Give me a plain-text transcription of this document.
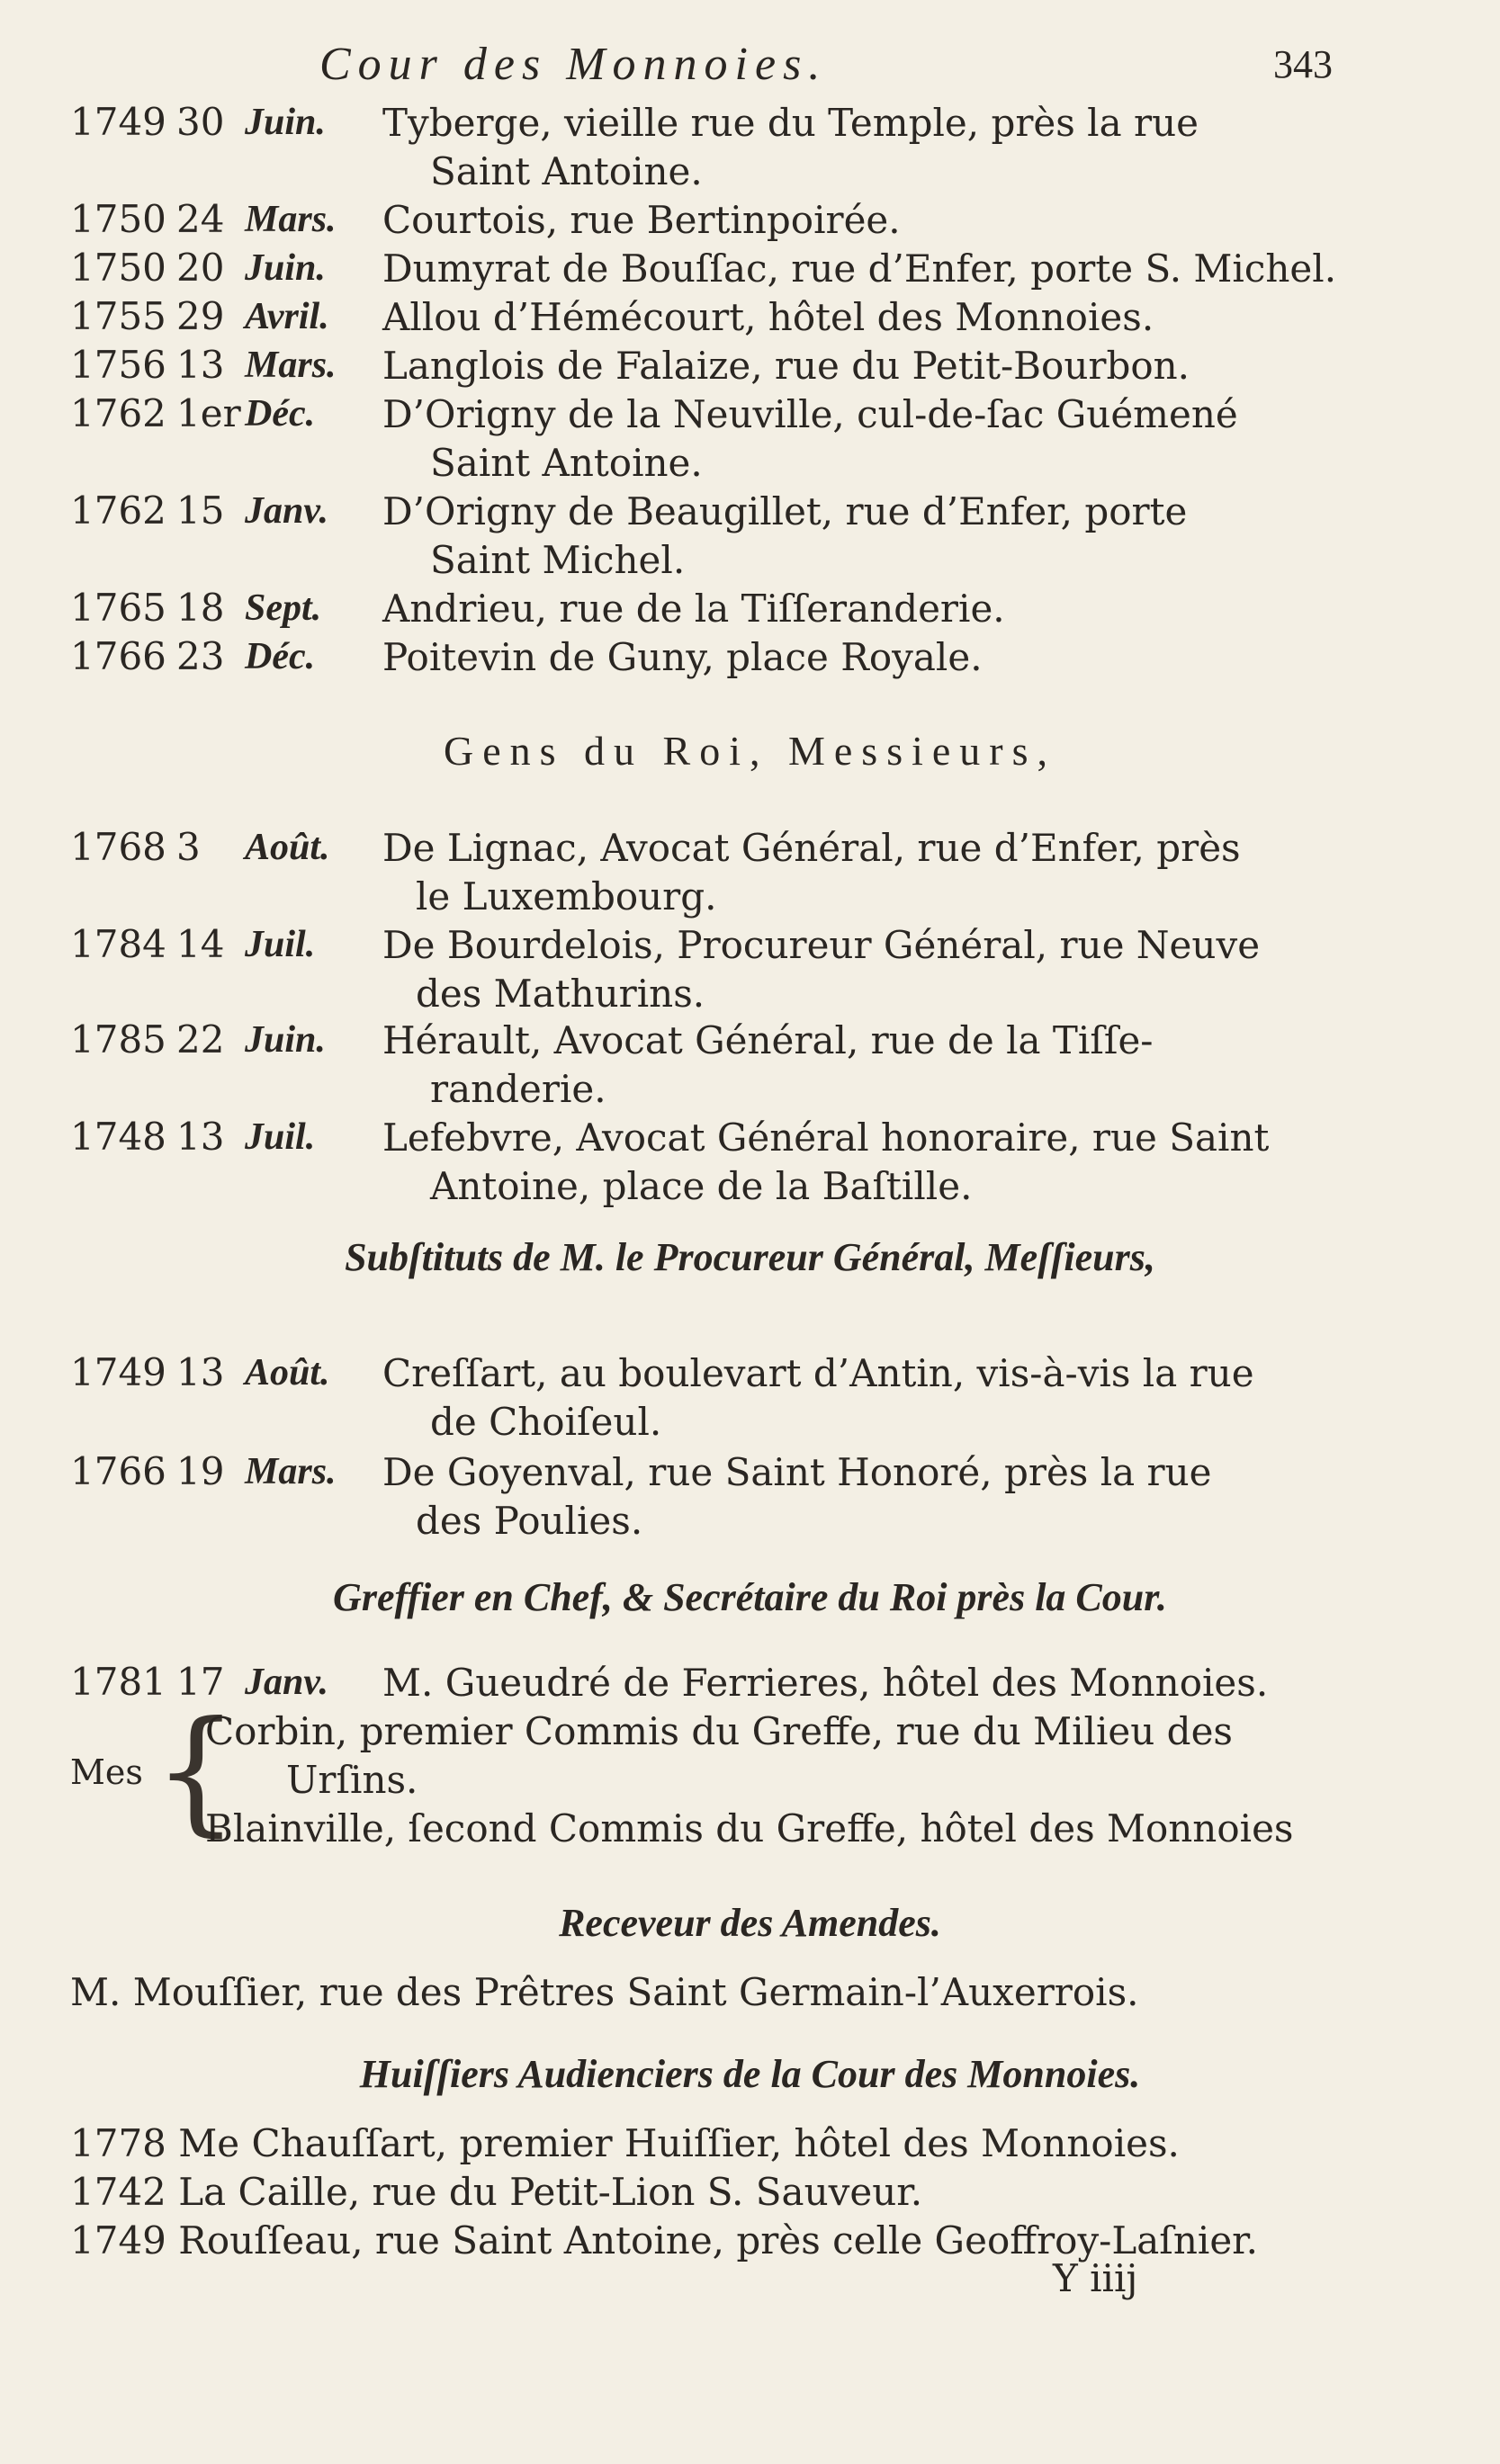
Cour des Monnoies.	343
1749 30 Juin. Tyberge, vieille rue du Temple, près la rue
Saint Antoine.
1750 24 Mars. Courtois, rue Bertinpoirée.
1750 20 Juin. Dumyrat de Bouſſac, rue d’Enfer, porte S. Michel.
1755 29 Avril. Allou d’Hémécourt, hôtel des Monnoies.
1756 13 Mars. Langlois de Falaize, rue du Petit-Bourbon.
1762 1er Déc. D’Origny de la Neuville, cul-de-ſac Guémené
Saint Antoine.
1762 15 Janv. D’Origny de Beaugillet, rue d’Enfer, porte
Saint Michel.
1765 18 Sept. Andrieu, rue de la Tiſſeranderie.
1766 23 Déc. Poitevin de Guny, place Royale.
Gens du Roi, Messieurs,
1768 3 Août. De Lignac, Avocat Général, rue d’Enfer, près
le Luxembourg.
1784 14 Juil. De Bourdelois, Procureur Général, rue Neuve
des Mathurins.
1785 22 Juin. Hérault, Avocat Général, rue de la Tiſſe-
randerie.
1748 13 Juil. Lefebvre, Avocat Général honoraire, rue Saint
Antoine, place de la Baſtille.
Subſtituts de M. le Procureur Général, Meſſieurs,
1749 13 Août. Creſſart, au boulevart d’Antin, vis-à-vis la rue
de Choiſeul.
1766 19 Mars. De Goyenval, rue Saint Honoré, près la rue
des Poulies.
Greffier en Chef, & Secrétaire du Roi près la Cour.
1781 17 Janv. M. Gueudré de Ferrieres, hôtel des Monnoies.
Mes {
Corbin, premier Commis du Greffe, rue du Milieu des
Urſins.
Blainville, ſecond Commis du Greffe, hôtel des Monnoies
Receveur des Amendes.
M. Mouſſier, rue des Prêtres Saint Germain-l’Auxerrois.
Huiſſiers Audienciers de la Cour des Monnoies.
1778 Me Chauſſart, premier Huiſſier, hôtel des Monnoies.
1742 La Caille, rue du Petit-Lion S. Sauveur.
1749 Rouſſeau, rue Saint Antoine, près celle Geoffroy-Laſnier.
Y iiij
